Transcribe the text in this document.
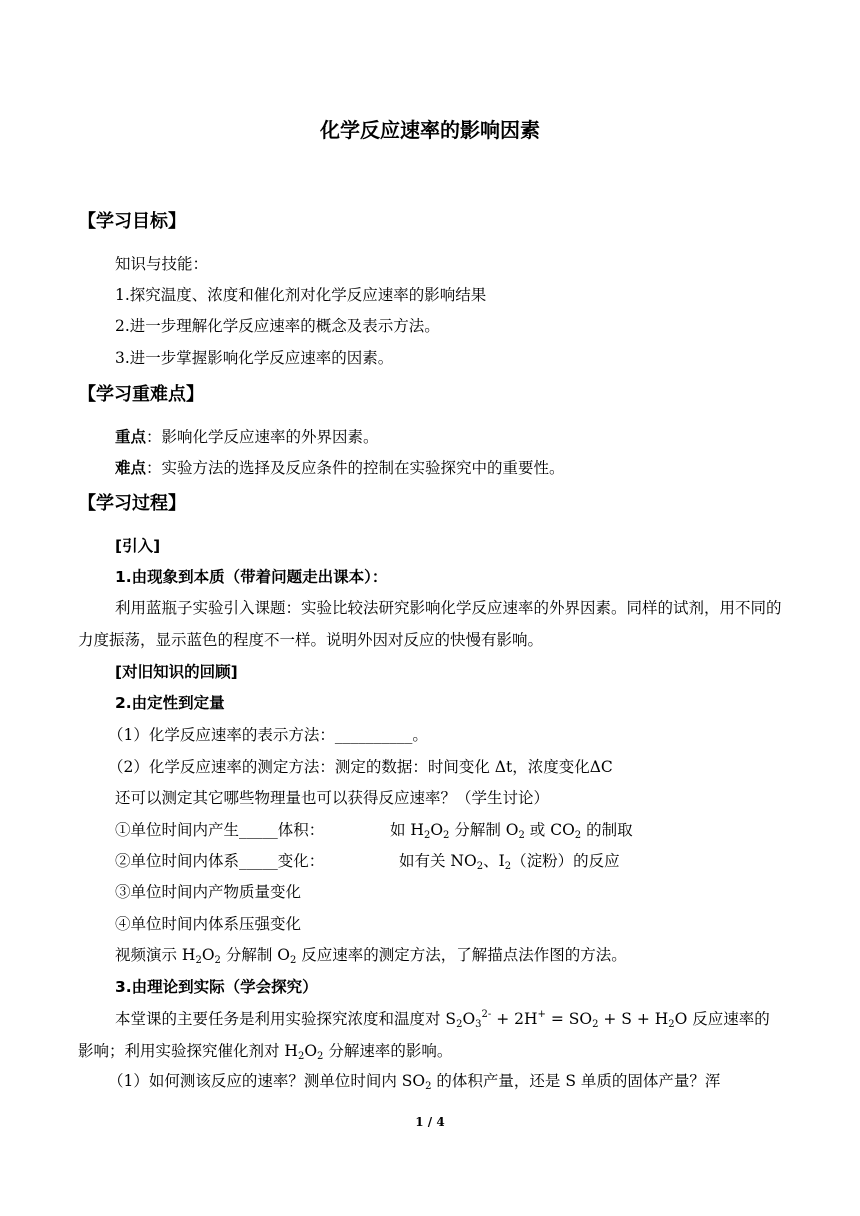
化学反应速率的影响因素
【学习目标】
知识与技能：
1.探究温度、浓度和催化剂对化学反应速率的影响结果
2.进一步理解化学反应速率的概念及表示方法。
3.进一步掌握影响化学反应速率的因素。
【学习重难点】
重点：影响化学反应速率的外界因素。
难点：实验方法的选择及反应条件的控制在实验探究中的重要性。
【学习过程】
[引入]
1.由现象到本质（带着问题走出课本）：
利用蓝瓶子实验引入课题：实验比较法研究影响化学反应速率的外界因素。同样的试剂，用不同的力度振荡，显示蓝色的程度不一样。说明外因对反应的快慢有影响。
[对旧知识的回顾]
2.由定性到定量
（1）化学反应速率的表示方法：__________。
（2）化学反应速率的测定方法：测定的数据：时间变化 Δt，浓度变化ΔC
还可以测定其它哪些物理量也可以获得反应速率？（学生讨论）
①单位时间内产生_____体积：	如 $H_2O_2$ 分解制 $O_2$ 或 $CO_2$ 的制取
②单位时间内体系_____变化：	如有关 $NO_2$、$I_2$（淀粉）的反应
③单位时间内产物质量变化
④单位时间内体系压强变化
视频演示 $H_2O_2$ 分解制 $O_2$ 反应速率的测定方法，了解描点法作图的方法。
3.由理论到实际（学会探究）
本堂课的主要任务是利用实验探究浓度和温度对 $S_2O_3^{2-} + 2H^+ = SO_2 + S + H_2O$ 反应速率的影响；利用实验探究催化剂对 $H_2O_2$ 分解速率的影响。
（1）如何测该反应的速率？测单位时间内 $SO_2$ 的体积产量，还是 S 单质的固体产量？浑
1 / 4
